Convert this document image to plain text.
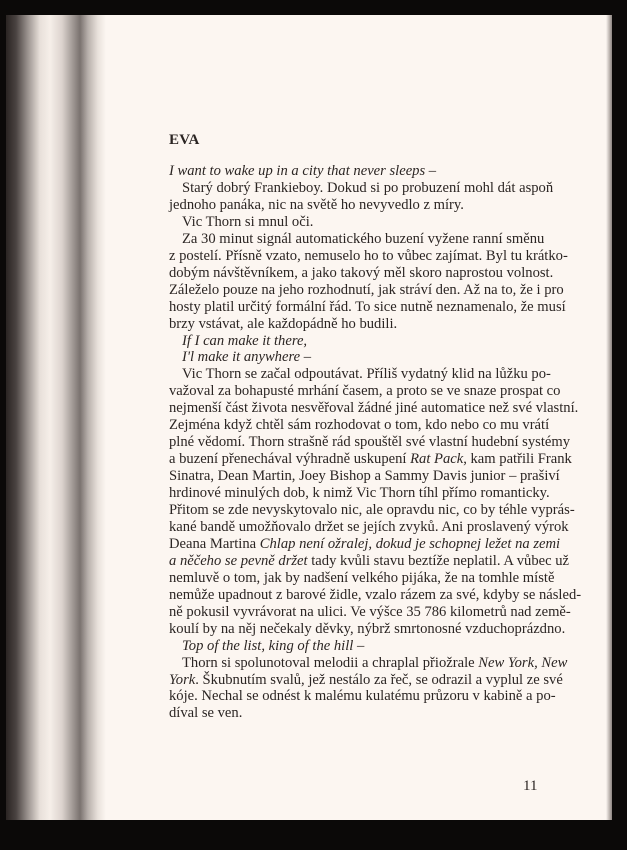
EVA
I want to wake up in a city that never sleeps –
Starý dobrý Frankieboy. Dokud si po probuzení mohl dát aspoň
jednoho panáka, nic na světě ho nevyvedlo z míry.
Vic Thorn si mnul oči.
Za 30 minut signál automatického buzení vyžene ranní směnu
z postelí. Přísně vzato, nemuselo ho to vůbec zajímat. Byl tu krátko-
dobým návštěvníkem, a jako takový měl skoro naprostou volnost.
Záleželo pouze na jeho rozhodnutí, jak stráví den. Až na to, že i pro
hosty platil určitý formální řád. To sice nutně neznamenalo, že musí
brzy vstávat, ale každopádně ho budili.
If I can make it there,
I'l make it anywhere –
Vic Thorn se začal odpoutávat. Příliš vydatný klid na lůžku po-
važoval za bohapusté mrhání časem, a proto se ve snaze prospat co
nejmenší část života nesvěřoval žádné jiné automatice než své vlastní.
Zejména když chtěl sám rozhodovat o tom, kdo nebo co mu vrátí
plné vědomí. Thorn strašně rád spouštěl své vlastní hudební systémy
a buzení přenechával výhradně uskupení Rat Pack, kam patřili Frank
Sinatra, Dean Martin, Joey Bishop a Sammy Davis junior – prašiví
hrdinové minulých dob, k nimž Vic Thorn tíhl přímo romanticky.
Přitom se zde nevyskytovalo nic, ale opravdu nic, co by téhle vyprás-
kané bandě umožňovalo držet se jejích zvyků. Ani proslavený výrok
Deana Martina Chlap není ožralej, dokud je schopnej ležet na zemi
a něčeho se pevně držet tady kvůli stavu beztíže neplatil. A vůbec už
nemluvě o tom, jak by nadšení velkého pijáka, že na tomhle místě
nemůže upadnout z barové židle, vzalo rázem za své, kdyby se násled-
ně pokusil vyvrávorat na ulici. Ve výšce 35 786 kilometrů nad země-
koulí by na něj nečekaly děvky, nýbrž smrtonosné vzduchoprázdno.
Top of the list, king of the hill –
Thorn si spolunotoval melodii a chraplal přiožrale New York, New
York. Škubnutím svalů, jež nestálo za řeč, se odrazil a vyplul ze své
kóje. Nechal se odnést k malému kulatému průzoru v kabině a po-
díval se ven.
11
